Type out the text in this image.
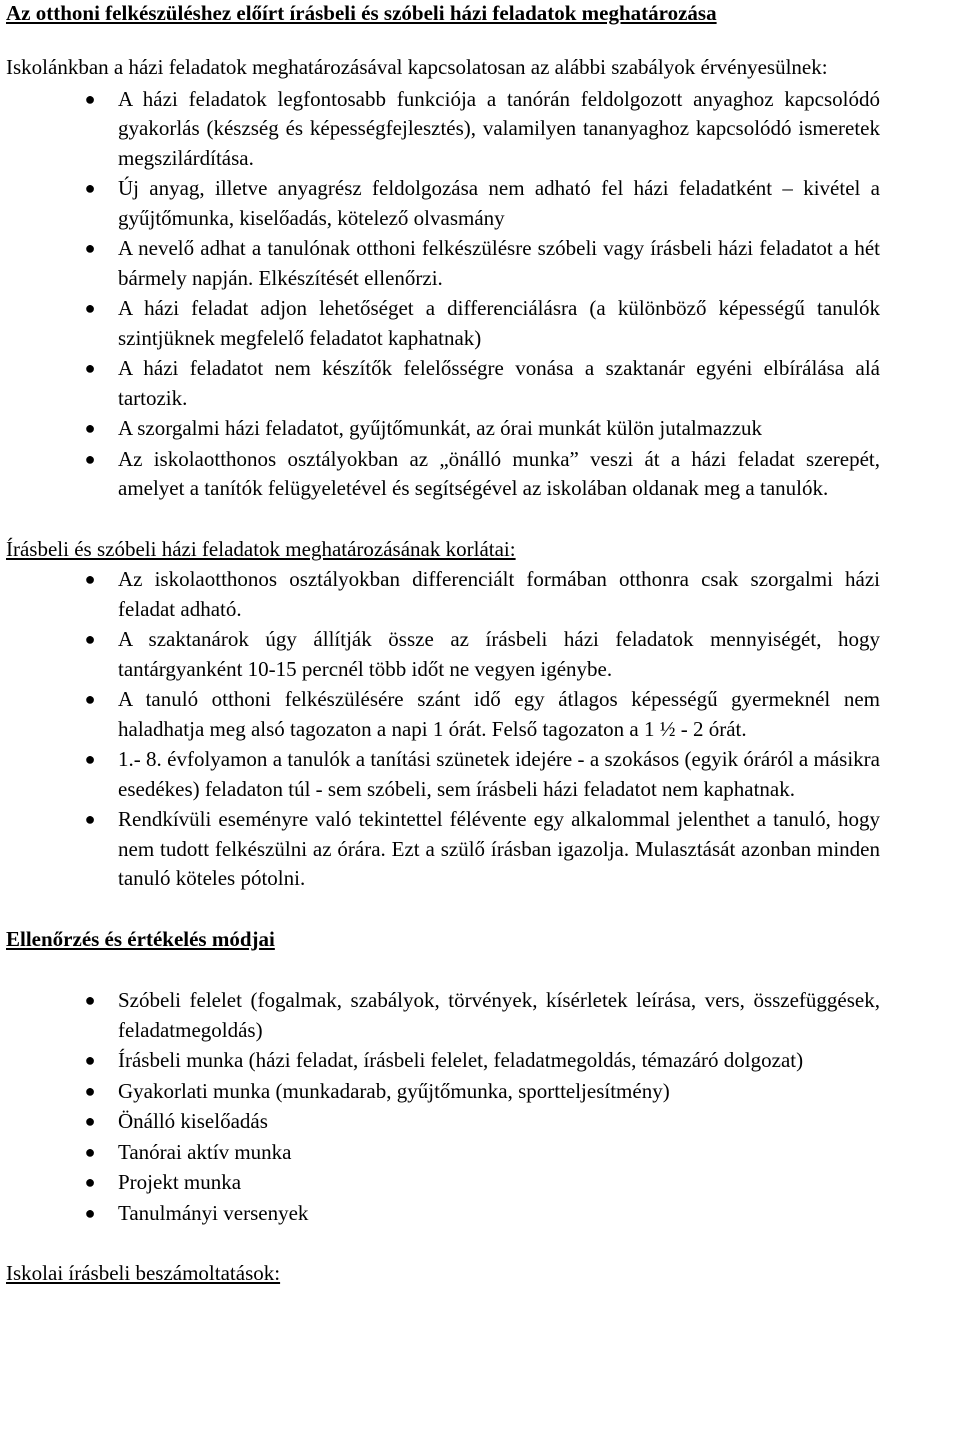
Az otthoni felkészüléshez előírt írásbeli és szóbeli házi feladatok meghatározása

Iskolánkban a házi feladatok meghatározásával kapcsolatosan az alábbi szabályok érvényesülnek:

● A házi feladatok legfontosabb funkciója a tanórán feldolgozott anyaghoz kapcsolódó gyakorlás (készség és képességfejlesztés), valamilyen tananyaghoz kapcsolódó ismeretek megszilárdítása.
● Új anyag, illetve anyagrész feldolgozása nem adható fel házi feladatként – kivétel a gyűjtőmunka, kiselőadás, kötelező olvasmány
● A nevelő adhat a tanulónak otthoni felkészülésre szóbeli vagy írásbeli házi feladatot a hét bármely napján. Elkészítését ellenőrzi.
● A házi feladat adjon lehetőséget a differenciálásra (a különböző képességű tanulók szintjüknek megfelelő feladatot kaphatnak)
● A házi feladatot nem készítők felelősségre vonása a szaktanár egyéni elbírálása alá tartozik.
● A szorgalmi házi feladatot, gyűjtőmunkát, az órai munkát külön jutalmazzuk
● Az iskolaotthonos osztályokban az „önálló munka” veszi át a házi feladat szerepét, amelyet a tanítók felügyeletével és segítségével az iskolában oldanak meg a tanulók.

Írásbeli és szóbeli házi feladatok meghatározásának korlátai:

● Az iskolaotthonos osztályokban differenciált formában otthonra csak szorgalmi házi feladat adható.
● A szaktanárok úgy állítják össze az írásbeli házi feladatok mennyiségét, hogy tantárgyanként 10-15 percnél több időt ne vegyen igénybe.
● A tanuló otthoni felkészülésére szánt idő egy átlagos képességű gyermeknél nem haladhatja meg alsó tagozaton a napi 1 órát. Felső tagozaton a 1 ½ - 2 órát.
● 1.- 8. évfolyamon a tanulók a tanítási szünetek idejére - a szokásos (egyik óráról a másikra esedékes) feladaton túl - sem szóbeli, sem írásbeli házi feladatot nem kaphatnak.
● Rendkívüli eseményre való tekintettel félévente egy alkalommal jelenthet a tanuló, hogy nem tudott felkészülni az órára. Ezt a szülő írásban igazolja. Mulasztását azonban minden tanuló köteles pótolni.

Ellenőrzés és értékelés módjai

● Szóbeli felelet (fogalmak, szabályok, törvények, kísérletek leírása, vers, összefüggések, feladatmegoldás)
● Írásbeli munka (házi feladat, írásbeli felelet, feladatmegoldás, témazáró dolgozat)
● Gyakorlati munka (munkadarab, gyűjtőmunka, sportteljesítmény)
● Önálló kiselőadás
● Tanórai aktív munka
● Projekt munka
● Tanulmányi versenyek

Iskolai írásbeli beszámoltatások:
